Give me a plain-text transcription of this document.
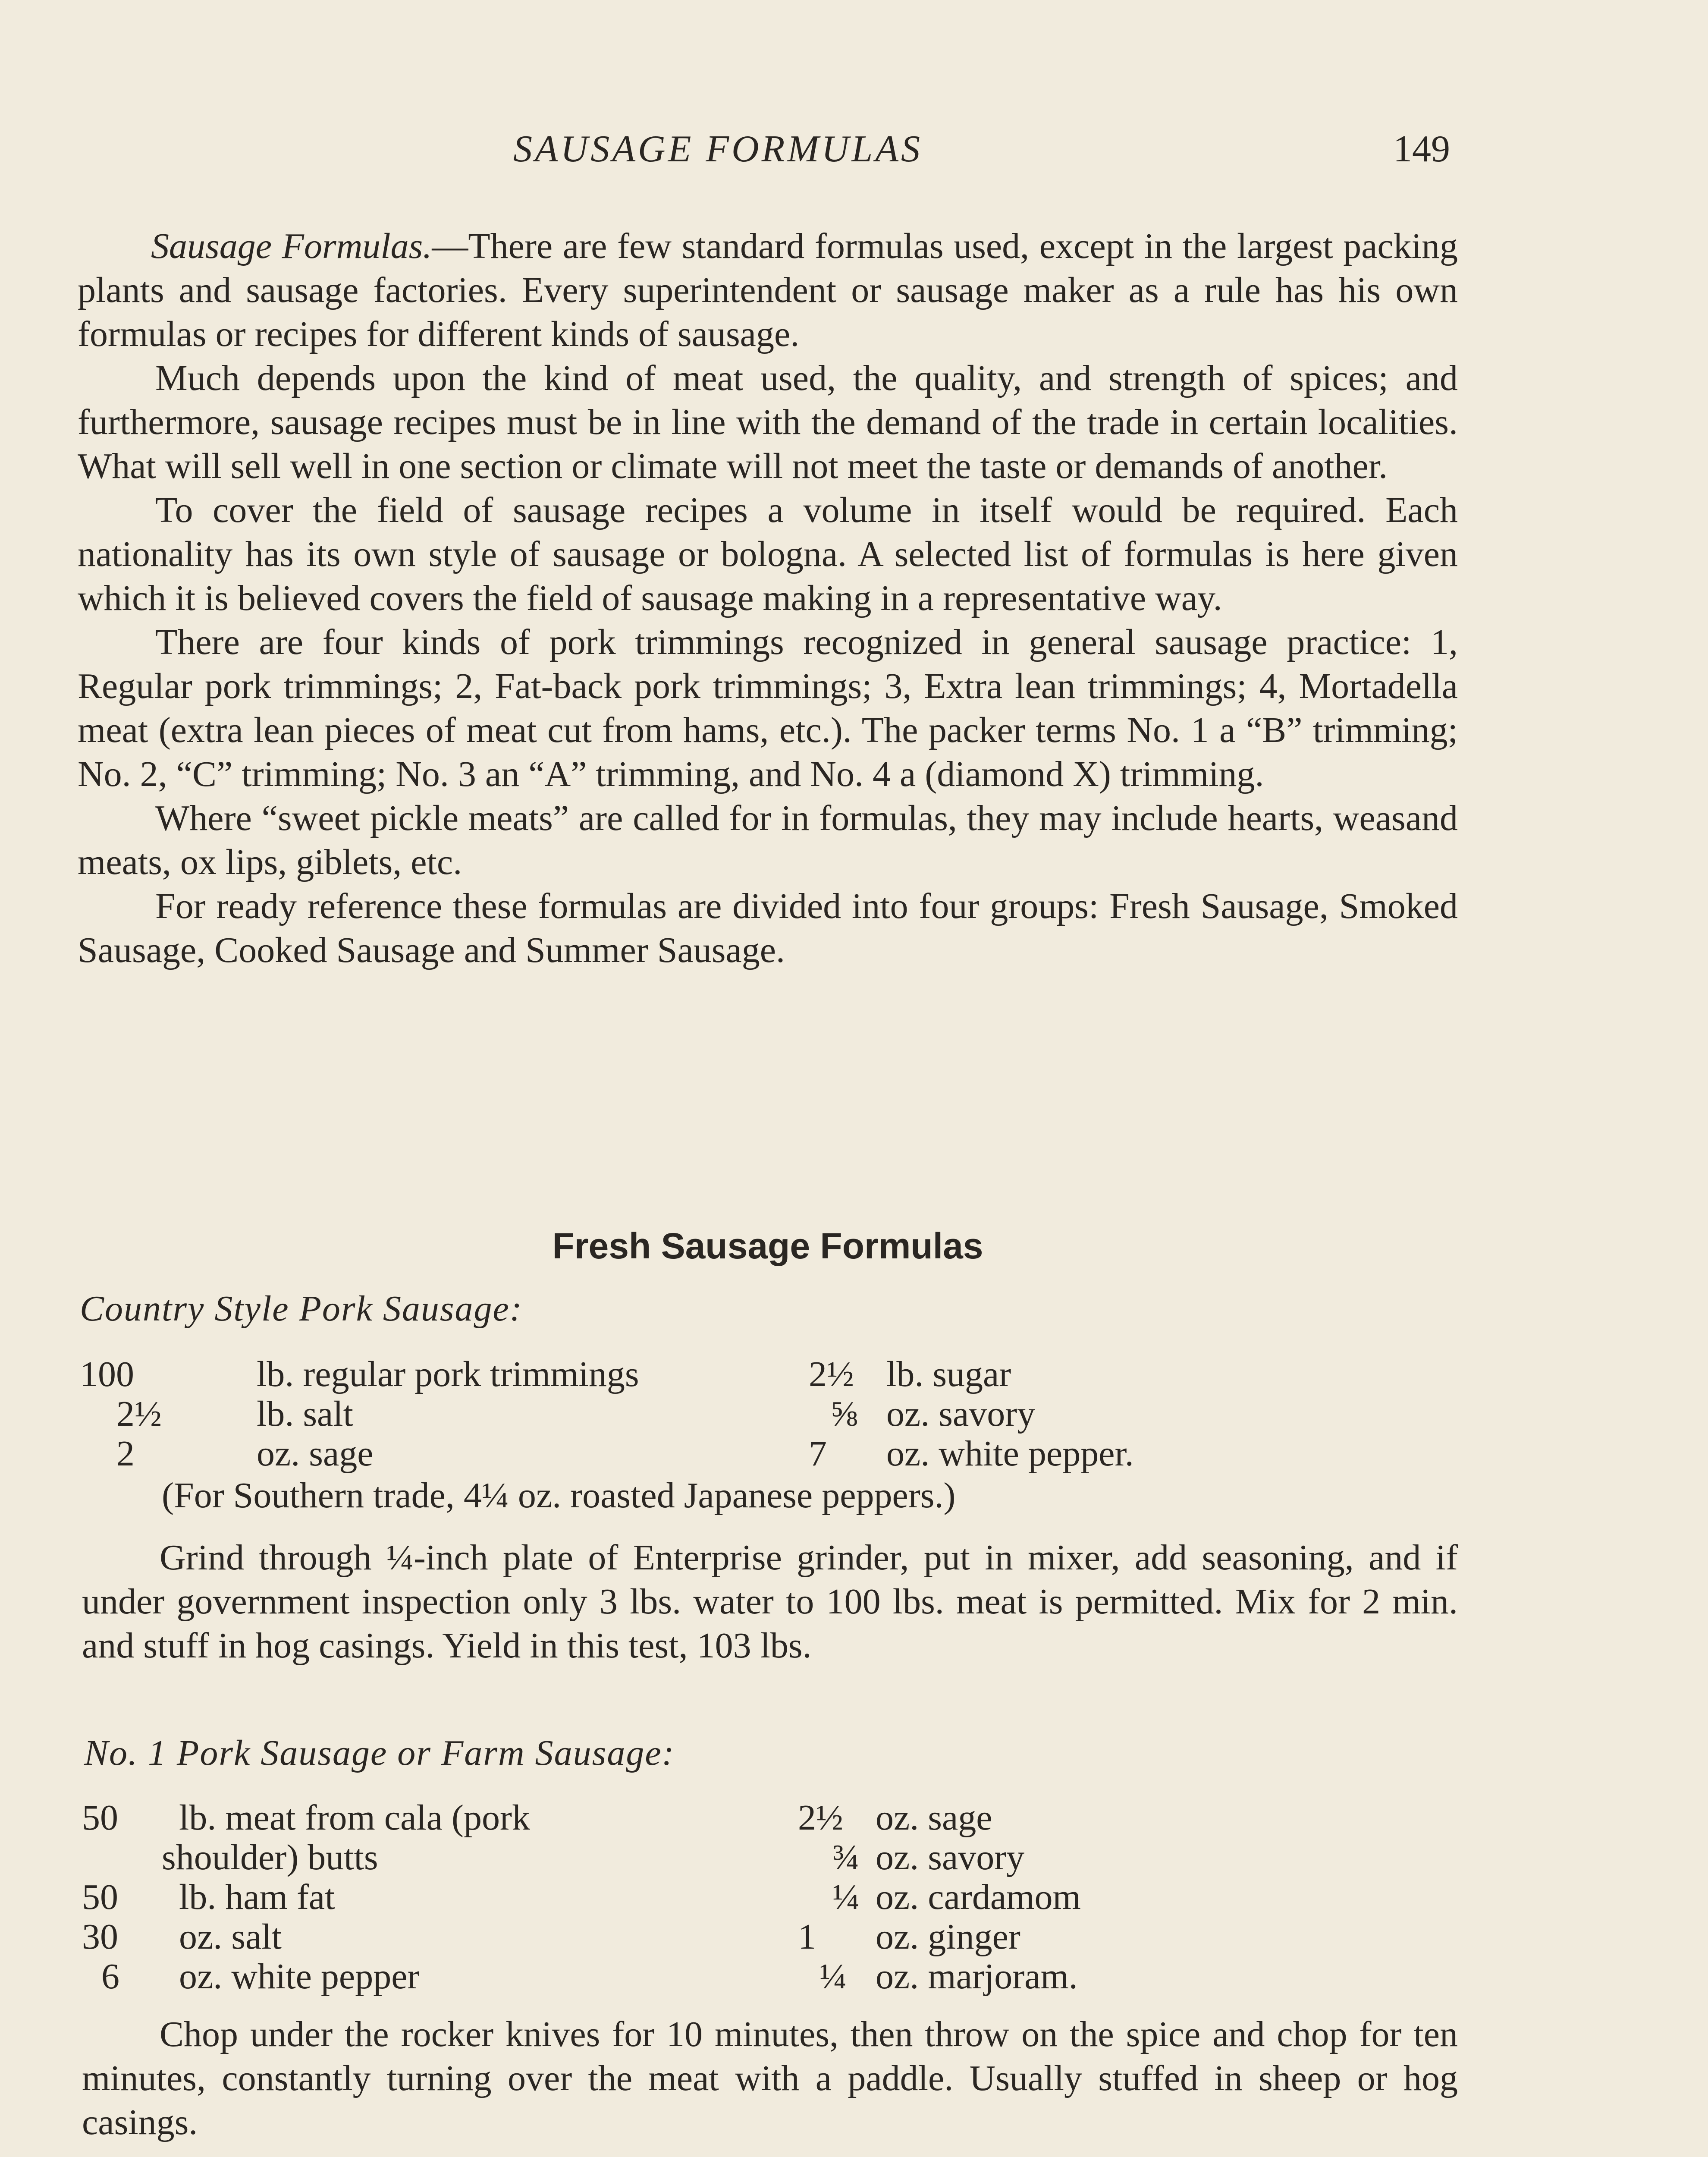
SAUSAGE FORMULAS	149

Sausage Formulas.—There are few standard formulas used, except in the largest packing plants and sausage factories. Every superintendent or sausage maker as a rule has his own formulas or recipes for different kinds of sausage.

Much depends upon the kind of meat used, the quality, and strength of spices; and furthermore, sausage recipes must be in line with the demand of the trade in certain localities. What will sell well in one section or climate will not meet the taste or demands of another.

To cover the field of sausage recipes a volume in itself would be required. Each nationality has its own style of sausage or bologna. A selected list of formulas is here given which it is believed covers the field of sausage making in a representative way.

There are four kinds of pork trimmings recognized in general sausage practice: 1, Regular pork trimmings; 2, Fat-back pork trimmings; 3, Extra lean trimmings; 4, Mortadella meat (extra lean pieces of meat cut from hams, etc.). The packer terms No. 1 a “B” trimming; No. 2, “C” trimming; No. 3 an “A” trimming, and No. 4 a (diamond X) trimming.

Where “sweet pickle meats” are called for in formulas, they may include hearts, weasand meats, ox lips, giblets, etc.

For ready reference these formulas are divided into four groups: Fresh Sausage, Smoked Sausage, Cooked Sausage and Summer Sausage.

Fresh Sausage Formulas
Country Style Pork Sausage:
100	lb. regular pork trimmings	2½ lb. sugar
2½	lb. salt	⅝ oz. savory
2	oz. sage	7 oz. white pepper.
(For Southern trade, 4¼ oz. roasted Japanese peppers.)

Grind through ¼-inch plate of Enterprise grinder, put in mixer, add seasoning, and if under government inspection only 3 lbs. water to 100 lbs. meat is permitted. Mix for 2 min. and stuff in hog casings. Yield in this test, 103 lbs.

No. 1 Pork Sausage or Farm Sausage:
50 lb. meat from cala (pork	2½ oz. sage
shoulder) butts	¾ oz. savory
50 lb. ham fat	¼ oz. cardamom
30 oz. salt	1 oz. ginger
6 oz. white pepper	¼ oz. marjoram.

Chop under the rocker knives for 10 minutes, then throw on the spice and chop for ten minutes, constantly turning over the meat with a paddle. Usually stuffed in sheep or hog casings.
